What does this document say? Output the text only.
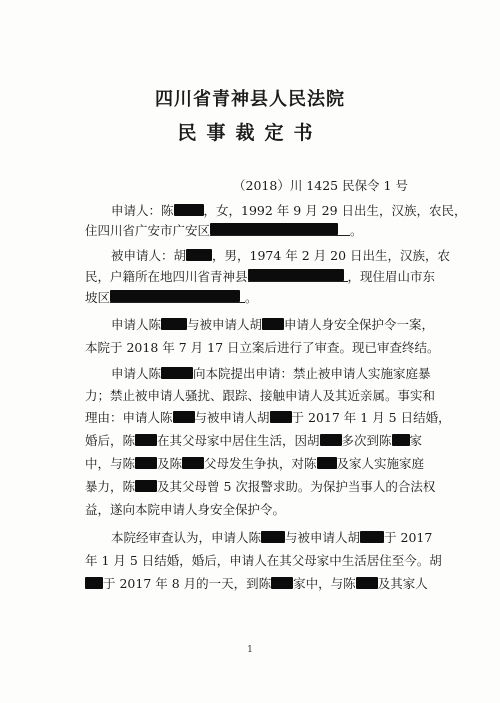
四川省青神县人民法院
民事裁定书
（2018）川 1425 民保令 1 号
申请人：陈 ，女，1992 年 9 月 29 日出生，汉族，农民，
住四川省广安市广安区	。
被申请人：胡 ，男，1974 年 2 月 20 日出生，汉族，农
民，户籍所在地四川省青神县	，现住眉山市东
坡区	。
申请人陈 与被申请人胡 申请人身安全保护令一案，
本院于 2018 年 7 月 17 日立案后进行了审查。现已审查终结。
申请人陈	向本院提出申请：禁止被申请人实施家庭暴
力；禁止被申请人骚扰、跟踪、接触申请人及其近亲属。事实和
理由：申请人陈 与被申请人胡 于 2017 年 1 月 5 日结婚，
婚后，陈 在其父母家中居住生活，因胡 多次到陈 家
中，与陈 及陈 父母发生争执，对陈 及家人实施家庭
暴力，陈 及其父母曾 5 次报警求助。为保护当事人的合法权
益，遂向本院申请人身安全保护令。
本院经审查认为，申请人陈 与被申请人胡 于 2017
年 1 月 5 日结婚，婚后，申请人在其父母家中生活居住至今。胡
于 2017 年 8 月的一天，到陈 家中，与陈 及其家人
1
